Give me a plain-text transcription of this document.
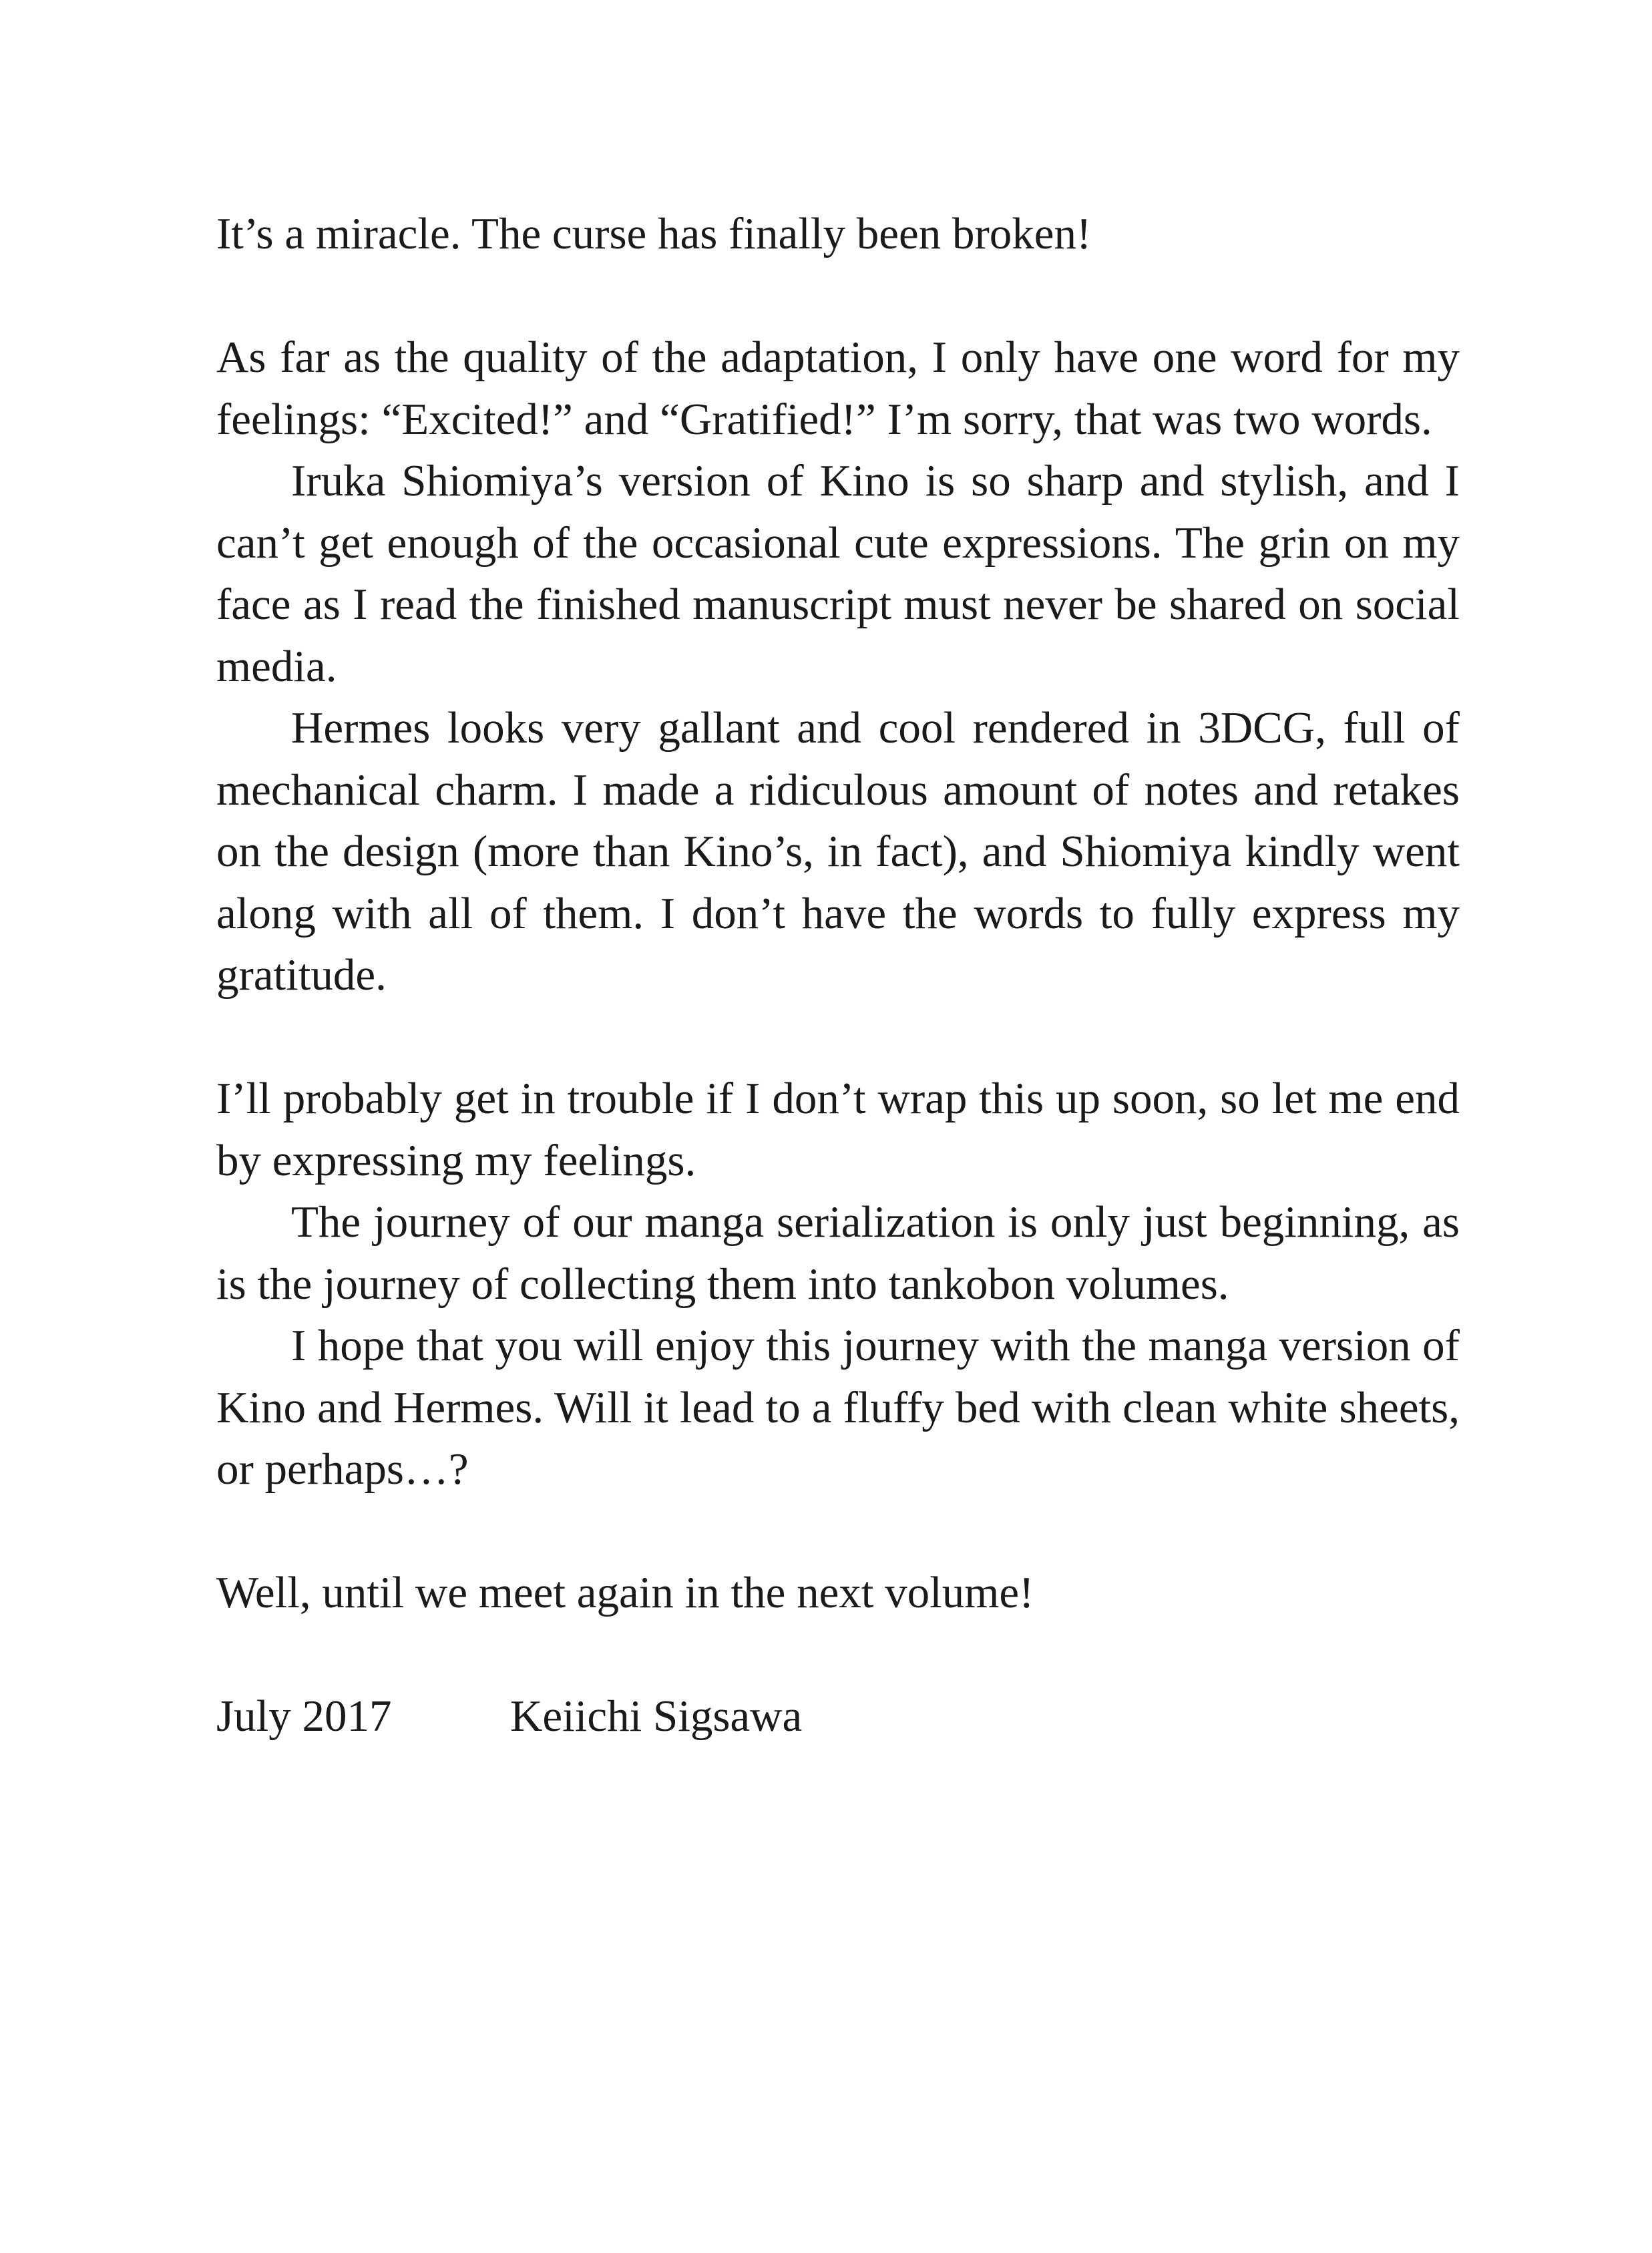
It’s a miracle. The curse has finally been broken!

As far as the quality of the adaptation, I only have one word for my feelings: “Excited!” and “Gratified!” I’m sorry, that was two words.

Iruka Shiomiya’s version of Kino is so sharp and stylish, and I can’t get enough of the occasional cute expressions. The grin on my face as I read the finished manuscript must never be shared on social media.

Hermes looks very gallant and cool rendered in 3DCG, full of mechanical charm. I made a ridiculous amount of notes and retakes on the design (more than Kino’s, in fact), and Shiomiya kindly went along with all of them. I don’t have the words to fully express my gratitude.

I’ll probably get in trouble if I don’t wrap this up soon, so let me end by expressing my feelings.

The journey of our manga serialization is only just beginning, as is the journey of collecting them into tankobon volumes.

I hope that you will enjoy this journey with the manga version of Kino and Hermes. Will it lead to a fluffy bed with clean white sheets, or perhaps…?

Well, until we meet again in the next volume!

July 2017	Keiichi Sigsawa
